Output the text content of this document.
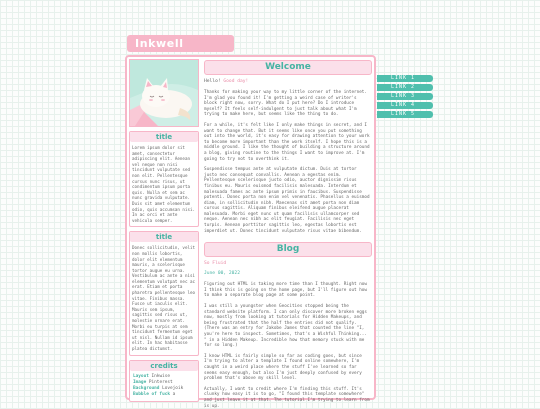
Inkwell
title
Lorem ipsum dolor sit amet, consectetur adipiscing elit. Aenean vel neque non nisi tincidunt vulputate sed non elit. Pellentesque cursus nunc risus, ut condimentum ipsum porta quis. Nulla et sem ac nunc gravida vulputate. Duis sit amet elementum odio, quis accumsan nisi. In ac orci et ante vehicula semper.
title
Donec sollicitudin, velit non mollis lobortis, dolor elit elementum mauris, a scelerisque tortor augue eu urna. Vestibulum ac ante a nisi elementum volutpat nec ac erat. Etiam et porta pharetra pellentesque leo vitae. Finibus massa. Fusce ut iaculis elit. Mauris sem ipsum, sagittis sed risus ut, molestie ornare erat. Morbi eu turpis at sem tincidunt fermentum eget ut nisl. Nullam id ipsum elit. In hac habitasse platea dictumst.
credits
Layout Inkwise
Image Pinterest
Background Lovejoik
Bubble of fuck a
Welcome
Hello! Good day!
Thanks for making your way to my little corner of the internet. I'm glad you found it! I'm getting a weird case of writer's block right now, sorry. What do I put here? Do I introduce myself? It feels self-indulgent to just talk about what I'm trying to make here, but seems like the thing to do.
For a while, it's felt like I only make things in secret, and I want to change that. But it seems like once you put something out into the world, it's easy for drawing attention to your work to become more important than the work itself. I hope this is a middle ground. I like the thought of building a structure around a blog, giving routine to the things I want to improve at. I'm going to try not to overthink it.
Suspendisse tempus ante at vulputate dictum. Duis at tortor justo nec consequat convallis. Aenean a egestas enim. Pellentesque scelerisque justo odio, auctor dignissim risus finibus eu. Mauris euismod facilisis malesuada. Interdum et malesuada fames ac ante ipsum primis in faucibus. Suspendisse potenti. Donec porta non enim vel venenatis. Phasellus a euismod diam, in sollicitudin nibh. Maecenas sit amet porta non diam cursus sagittis. Aliquam finibus eleifend augue placerat malesuada. Morbi eget nunc ut quam facilisis ullamcorper sed neque. Aenean nec nibh ac elit feugiat. Facilisis nec eget turpis. Aenean porttitor sagittis leo, egestas lobortis est imperdiet ut. Donec tincidunt vulputate risus vitae bibendum.
Blog
So Fluid
June 00, 2022
Figuring out HTML is taking more time than I thought. Right now I think this is going on the home page, but I'll figure out how to make a separate blog page at some point.
I was still a youngster when Geocities stopped being the standard website platform. I can only discover more broken eggs now, mostly from looking at tutorials for Hidden Makeups, and being frustrated that the half the entries did not qualify. (There was an entry for Jakobe James that counted the line "I, you're here to inspect. Sometimes, that's a Wishful Thinking... " in a Hidden Makeup. Incredible how that memory stuck with me for so long.)
I know HTML is fairly simple so far as coding goes, but since I'm trying to alter a template I found online somewhere, I'm caught in a weird place where the stuff I've learned so far seems easy enough, but also I'm just deeply confused by every problem that's above my skill level.
Actually, I want to credit where I'm finding this stuff. It's clunky how easy it is to go, "I found this template somewhere" and just leave it at that. The tutorial I'm trying to learn from is up.
LINK 1
LINK 2
LINK 3
LINK 4
LINK 5
